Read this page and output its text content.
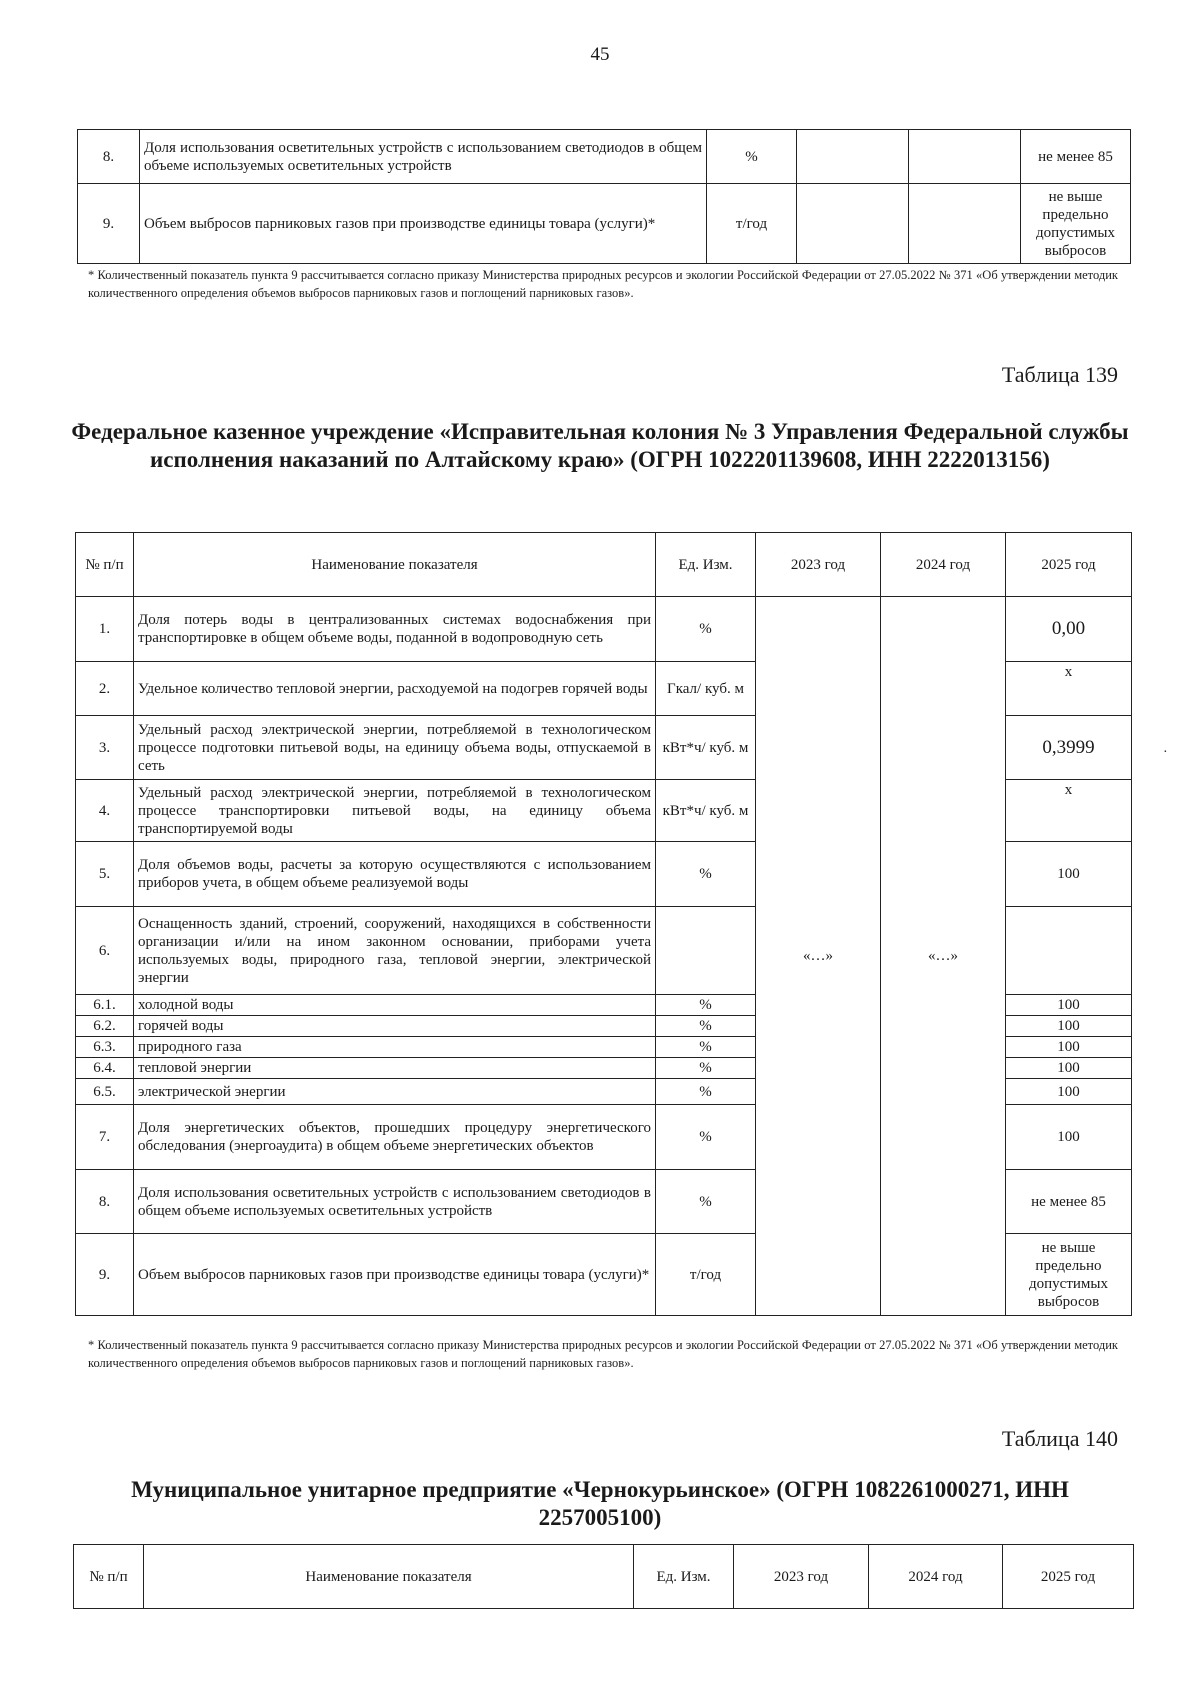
45
8.	Доля использования осветительных устройств с использованием светодиодов в общем объеме используемых осветительных устройств	%			не менее 85
9.	Объем выбросов парниковых газов при производстве единицы товара (услуги)*	т/год			не выше предельно допустимых выбросов
* Количественный показатель пункта 9 рассчитывается согласно приказу Министерства природных ресурсов и экологии Российской Федерации от 27.05.2022 № 371 «Об утверждении методик количественного определения объемов выбросов парниковых газов и поглощений парниковых газов».
Таблица 139
Федеральное казенное учреждение «Исправительная колония № 3 Управления Федеральной службы исполнения наказаний по Алтайскому краю» (ОГРН 1022201139608, ИНН 2222013156)
№ п/п	Наименование показателя	Ед. Изм.	2023 год	2024 год	2025 год
1.	Доля потерь воды в централизованных системах водоснабжения при транспортировке в общем объеме воды, поданной в водопроводную сеть	%	«…»	«…»	0,00
2.	Удельное количество тепловой энергии, расходуемой на подогрев горячей воды	Гкал/ куб. м			х
3.	Удельный расход электрической энергии, потребляемой в технологическом процессе подготовки питьевой воды, на единицу объема воды, отпускаемой в сеть	кВт*ч/ куб. м			0,3999
4.	Удельный расход электрической энергии, потребляемой в технологическом процессе транспортировки питьевой воды, на единицу объема транспортируемой воды	кВт*ч/ куб. м			х
5.	Доля объемов воды, расчеты за которую осуществляются с использованием приборов учета, в общем объеме реализуемой воды	%			100
6.	Оснащенность зданий, строений, сооружений, находящихся в собственности организации и/или на ином законном основании, приборами учета используемых воды, природного газа, тепловой энергии, электрической энергии				
6.1.	холодной воды	%			100
6.2.	горячей воды	%			100
6.3.	природного газа	%			100
6.4.	тепловой энергии	%			100
6.5.	электрической энергии	%			100
7.	Доля энергетических объектов, прошедших процедуру энергетического обследования (энергоаудита) в общем объеме энергетических объектов	%			100
8.	Доля использования осветительных устройств с использованием светодиодов в общем объеме используемых осветительных устройств	%			не менее 85
9.	Объем выбросов парниковых газов при производстве единицы товара (услуги)*	т/год			не выше предельно допустимых выбросов
* Количественный показатель пункта 9 рассчитывается согласно приказу Министерства природных ресурсов и экологии Российской Федерации от 27.05.2022 № 371 «Об утверждении методик количественного определения объемов выбросов парниковых газов и поглощений парниковых газов».
Таблица 140
Муниципальное унитарное предприятие «Чернокурьинское» (ОГРН 1082261000271, ИНН 2257005100)
№ п/п	Наименование показателя	Ед. Изм.	2023 год	2024 год	2025 год
·
